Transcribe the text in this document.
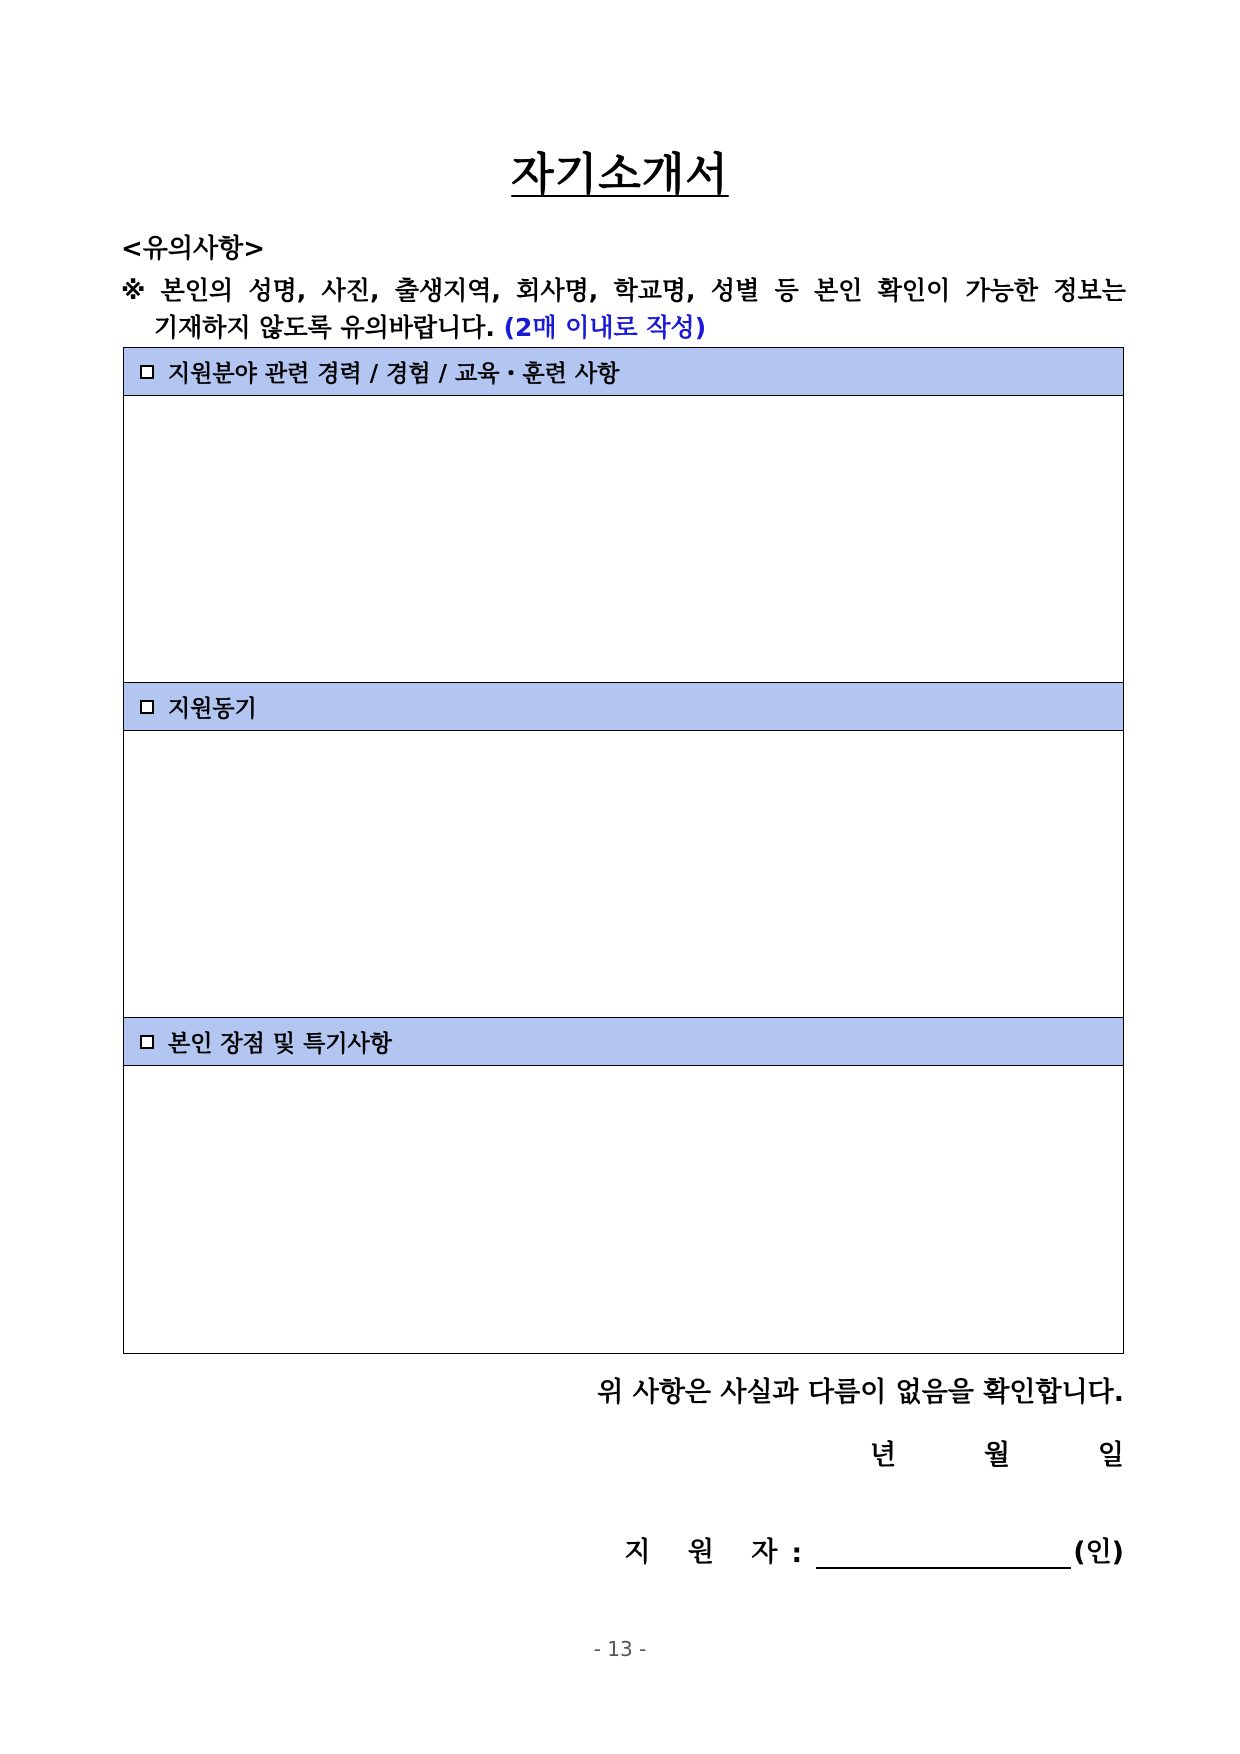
자기소개서
<유의사항>
※ 본인의 성명, 사진, 출생지역, 회사명, 학교명, 성별 등 본인 확인이 가능한 정보는
기재하지 않도록 유의바랍니다. (2매 이내로 작성)
지원분야 관련 경력 / 경험 / 교육・훈련 사항
지원동기
본인 장점 및 특기사항
위 사항은 사실과 다름이 없음을 확인합니다.
년	월	일
지 원 자 :	(인)
- 13 -
